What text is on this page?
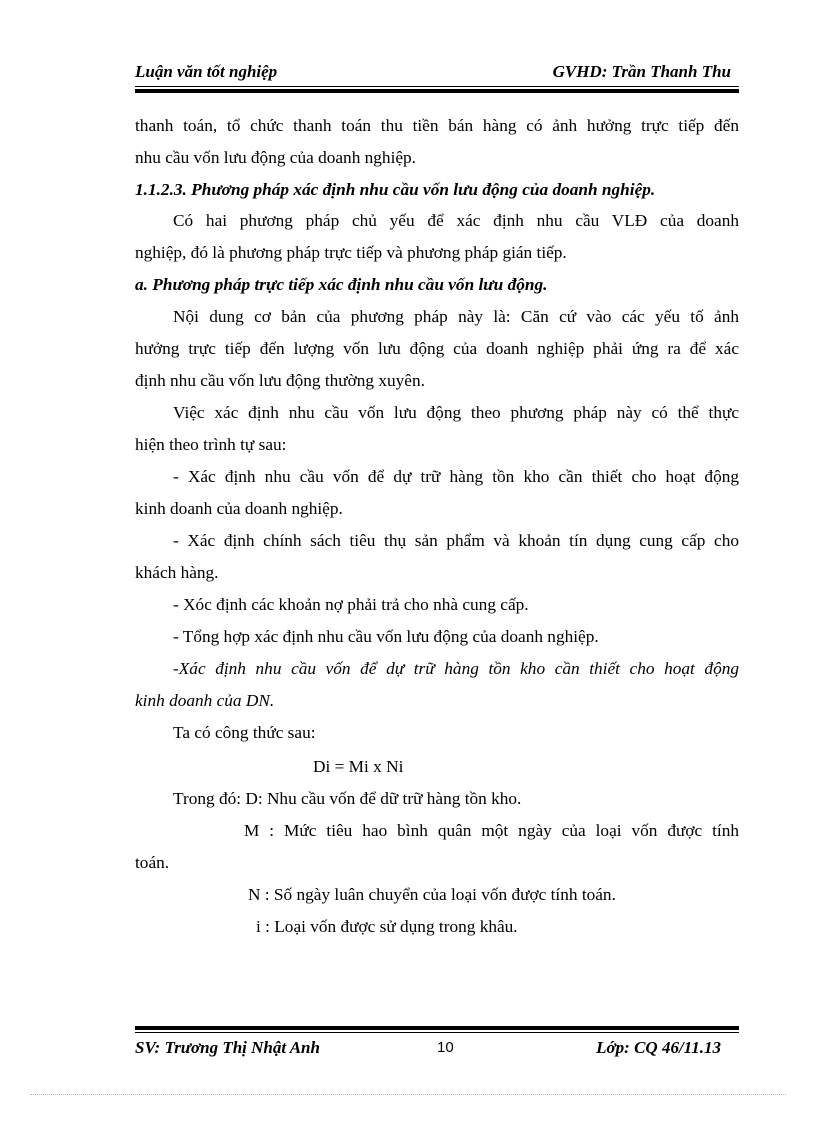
Luận văn tốt nghiệp	GVHD: Trần Thanh Thu
thanh toán, tổ chức thanh toán thu tiền bán hàng có ảnh hưởng trực tiếp đến
nhu cầu vốn lưu động của doanh nghiệp.
1.1.2.3. Phương pháp xác định nhu cầu vốn lưu động của doanh nghiệp.
Có hai phương pháp chủ yếu để xác định nhu cầu VLĐ của doanh
nghiệp, đó là phương pháp trực tiếp và phương pháp gián tiếp.
a. Phương pháp trực tiếp xác định nhu cầu vốn lưu động.
Nội dung cơ bản của phương pháp này là: Căn cứ vào các yếu tố ảnh
hưởng trực tiếp đến lượng vốn lưu động của doanh nghiệp phải ứng ra để xác
định nhu cầu vốn lưu động thường xuyên.
Việc xác định nhu cầu vốn lưu động theo phương pháp này có thể thực
hiện theo trình tự sau:
- Xác định nhu cầu vốn để dự trữ hàng tồn kho cần thiết cho hoạt động
kinh doanh của doanh nghiệp.
- Xác định chính sách tiêu thụ sản phẩm và khoản tín dụng cung cấp cho
khách hàng.
- Xóc định các khoản nợ phải trả cho nhà cung cấp.
- Tổng hợp xác định nhu cầu vốn lưu động của doanh nghiệp.
-Xác định nhu cầu vốn để dự trữ hàng tồn kho cần thiết cho hoạt động
kinh doanh của DN.
Ta có công thức sau:
Di = Mi x Ni
Trong đó: D: Nhu cầu vốn để dữ trữ hàng tồn kho.
M : Mức tiêu hao bình quân một ngày của loại vốn được tính
toán.
N : Số ngày luân chuyển của loại vốn được tính toán.
i : Loại vốn được sử dụng trong khâu.
SV: Trương Thị Nhật Anh	10	Lớp: CQ 46/11.13
